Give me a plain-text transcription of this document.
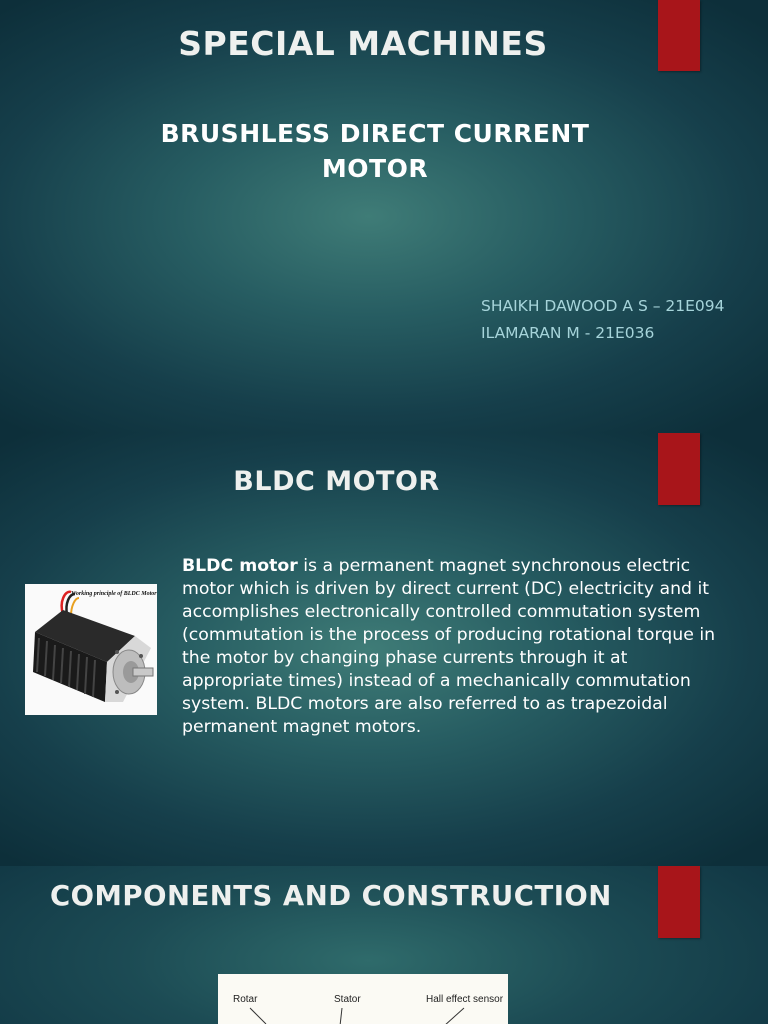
SPECIAL MACHINES
BRUSHLESS DIRECT CURRENT MOTOR
SHAIKH DAWOOD A S – 21E094
ILAMARAN M - 21E036
BLDC MOTOR
Working principle of BLDC Motor
BLDC motor is a permanent magnet synchronous electric motor which is driven by direct current (DC) electricity and it accomplishes electronically controlled commutation system (commutation is the process of producing rotational torque in the motor by changing phase currents through it at appropriate times) instead of a mechanically commutation system. BLDC motors are also referred to as trapezoidal permanent magnet motors.
COMPONENTS AND CONSTRUCTION
Rotar	Stator	Hall effect sensor
